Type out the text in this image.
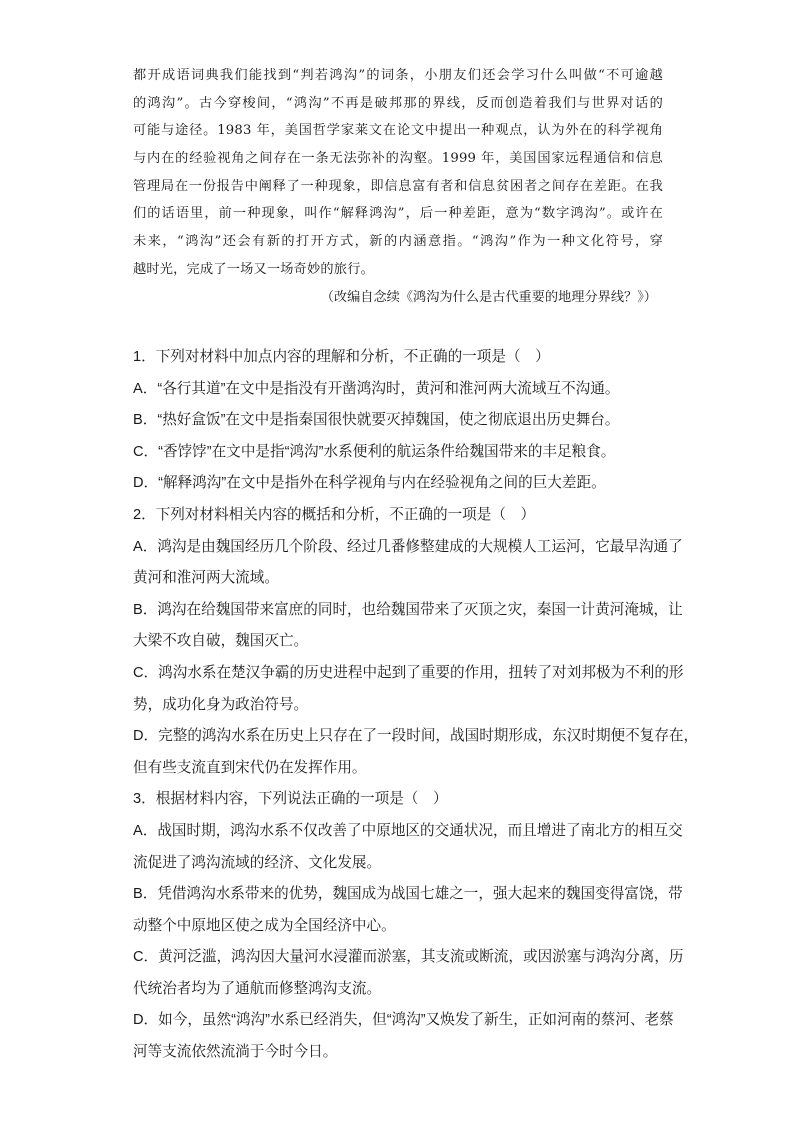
都开成语词典我们能找到“判若鸿沟”的词条，小朋友们还会学习什么叫做“不可逾越
的鸿沟”。古今穿梭间，“鸿沟”不再是破邦那的界线，反而创造着我们与世界对话的
可能与途径。1983 年，美国哲学家莱文在论文中提出一种观点，认为外在的科学视角
与内在的经验视角之间存在一条无法弥补的沟壑。1999 年，美国国家远程通信和信息
管理局在一份报告中阐释了一种现象，即信息富有者和信息贫困者之间存在差距。在我
们的话语里，前一种现象，叫作“解释鸿沟”，后一种差距，意为“数字鸿沟”。或许在
未来，“鸿沟”还会有新的打开方式，新的内涵意指。“鸿沟”作为一种文化符号，穿
越时光，完成了一场又一场奇妙的旅行。
（改编自念续《鸿沟为什么是古代重要的地理分界线？》）
1．下列对材料中加点内容的理解和分析，不正确的一项是（　）
A．“各行其道”在文中是指没有开凿鸿沟时，黄河和淮河两大流域互不沟通。
B．“热好盒饭”在文中是指秦国很快就要灭掉魏国，使之彻底退出历史舞台。
C．“香饽饽”在文中是指“鸿沟”水系便利的航运条件给魏国带来的丰足粮食。
D．“解释鸿沟”在文中是指外在科学视角与内在经验视角之间的巨大差距。
2．下列对材料相关内容的概括和分析，不正确的一项是（　）
A．鸿沟是由魏国经历几个阶段、经过几番修整建成的大规模人工运河，它最早沟通了
黄河和淮河两大流域。
B．鸿沟在给魏国带来富庶的同时，也给魏国带来了灭顶之灾，秦国一计黄河淹城，让
大梁不攻自破，魏国灭亡。
C．鸿沟水系在楚汉争霸的历史进程中起到了重要的作用，扭转了对刘邦极为不利的形
势，成功化身为政治符号。
D．完整的鸿沟水系在历史上只存在了一段时间，战国时期形成，东汉时期便不复存在，
但有些支流直到宋代仍在发挥作用。
3．根据材料内容，下列说法正确的一项是（　）
A．战国时期，鸿沟水系不仅改善了中原地区的交通状况，而且增进了南北方的相互交
流促进了鸿沟流域的经济、文化发展。
B．凭借鸿沟水系带来的优势，魏国成为战国七雄之一，强大起来的魏国变得富饶，带
动整个中原地区使之成为全国经济中心。
C．黄河泛滥，鸿沟因大量河水浸灌而淤塞，其支流或断流，或因淤塞与鸿沟分离，历
代统治者均为了通航而修整鸿沟支流。
D．如今，虽然“鸿沟”水系已经消失，但“鸿沟”又焕发了新生，正如河南的蔡河、老蔡
河等支流依然流淌于今时今日。
